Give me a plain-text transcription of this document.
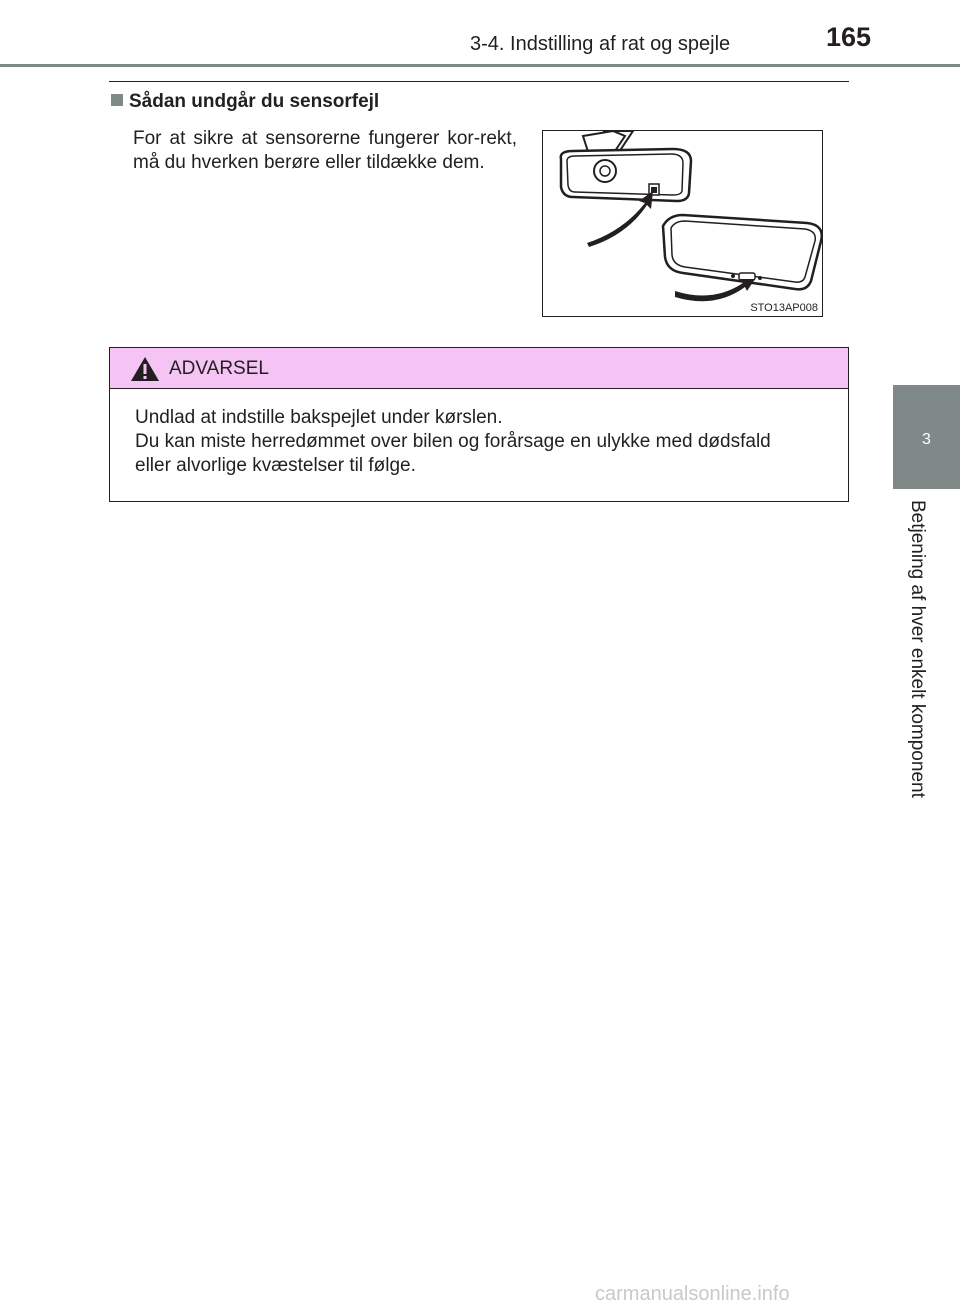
3-4. Indstilling af rat og spejle	165
3
Betjening af hver enkelt komponent
Sådan undgår du sensorfejl
For at sikre at sensorerne fungerer kor-rekt, må du hverken berøre eller tildække dem.
STO13AP008
ADVARSEL
Undlad at indstille bakspejlet under kørslen.
Du kan miste herredømmet over bilen og forårsage en ulykke med dødsfald
eller alvorlige kvæstelser til følge.
carmanualsonline.info
